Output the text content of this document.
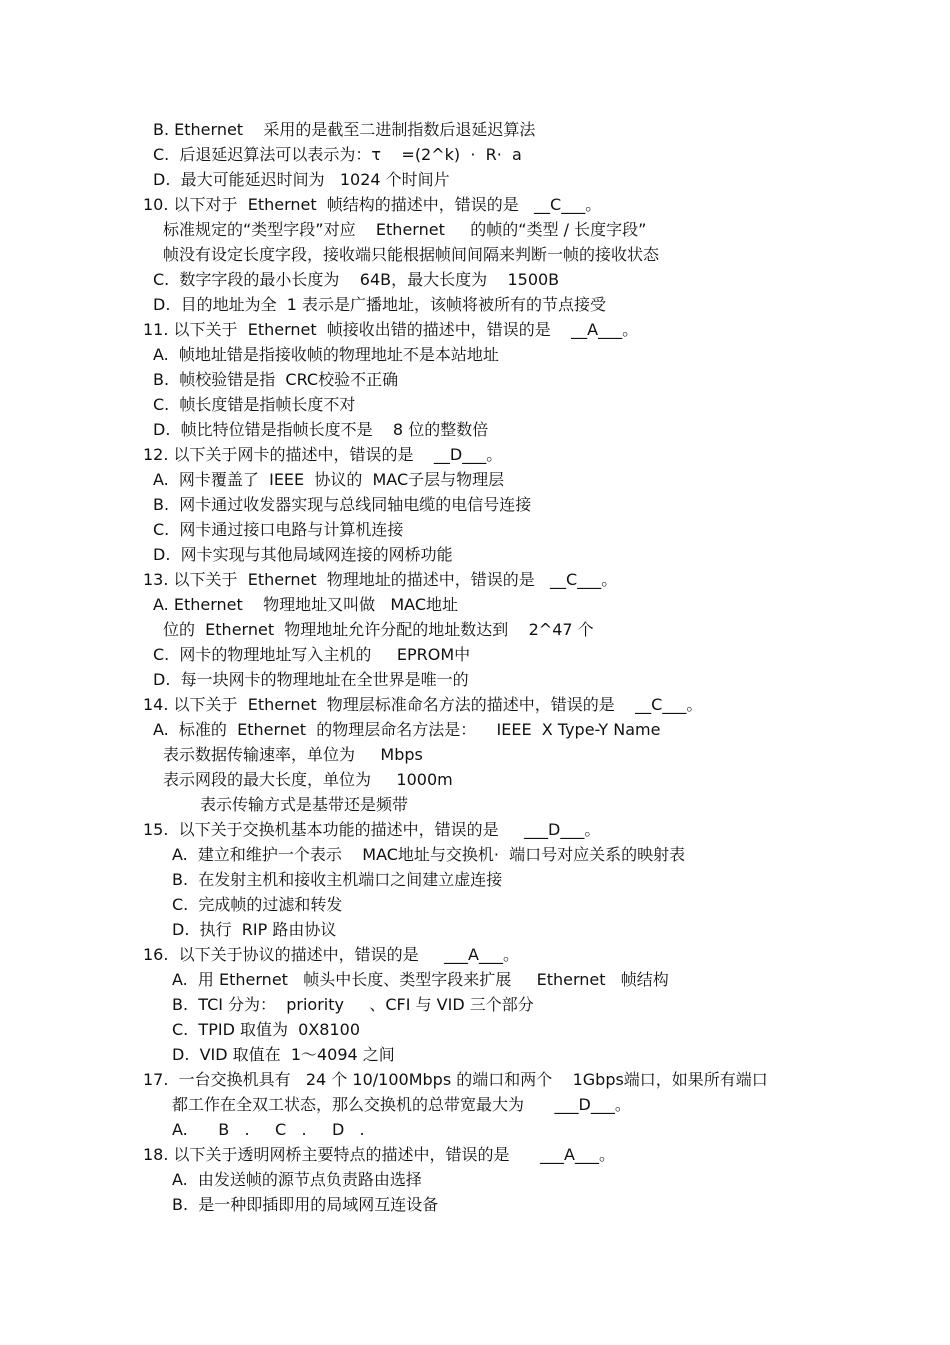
B. Ethernet    采用的是截至二进制指数后退延迟算法
C.  后退延迟算法可以表示为：τ    =(2^k)  ·  R·  a
D.  最大可能延迟时间为   1024 个时间片
10. 以下对于  Ethernet  帧结构的描述中，错误的是   __C___。
标准规定的“类型字段”对应    Ethernet     的帧的“类型 / 长度字段”
帧没有设定长度字段，接收端只能根据帧间间隔来判断一帧的接收状态
C.  数字字段的最小长度为    64B，最大长度为    1500B
D.  目的地址为全  1 表示是广播地址，该帧将被所有的节点接受
11. 以下关于  Ethernet  帧接收出错的描述中，错误的是    __A___。
A.  帧地址错是指接收帧的物理地址不是本站地址
B.  帧校验错是指  CRC校验不正确
C.  帧长度错是指帧长度不对
D.  帧比特位错是指帧长度不是    8 位的整数倍
12. 以下关于网卡的描述中，错误的是    __D___。
A.  网卡覆盖了  IEEE  协议的  MAC子层与物理层
B.  网卡通过收发器实现与总线同轴电缆的电信号连接
C.  网卡通过接口电路与计算机连接
D.  网卡实现与其他局域网连接的网桥功能
13. 以下关于  Ethernet  物理地址的描述中，错误的是   __C___。
A. Ethernet    物理地址又叫做   MAC地址
位的  Ethernet  物理地址允许分配的地址数达到    2^47 个
C.  网卡的物理地址写入主机的     EPROM中
D.  每一块网卡的物理地址在全世界是唯一的
14. 以下关于  Ethernet  物理层标准命名方法的描述中，错误的是    __C___。
A.  标准的  Ethernet  的物理层命名方法是：    IEEE  X Type-Y Name
表示数据传输速率，单位为     Mbps
表示网段的最大长度，单位为     1000m
表示传输方式是基带还是频带
15.  以下关于交换机基本功能的描述中，错误的是     ___D___。
A.  建立和维护一个表示    MAC地址与交换机·  端口号对应关系的映射表
B.  在发射主机和接收主机端口之间建立虚连接
C.  完成帧的过滤和转发
D.  执行  RIP 路由协议
16.  以下关于协议的描述中，错误的是     ___A___。
A.  用 Ethernet   帧头中长度、类型字段来扩展     Ethernet   帧结构
B.  TCI 分为：  priority     、CFI 与 VID 三个部分
C.  TPID 取值为  0X8100
D.  VID 取值在  1～4094 之间
17.  一台交换机具有   24 个 10/100Mbps 的端口和两个    1Gbps端口，如果所有端口
都工作在全双工状态，那么交换机的总带宽最大为      ___D___。
A.      B   .     C   .     D   .
18. 以下关于透明网桥主要特点的描述中，错误的是      ___A___。
A.  由发送帧的源节点负责路由选择
B.  是一种即插即用的局域网互连设备
